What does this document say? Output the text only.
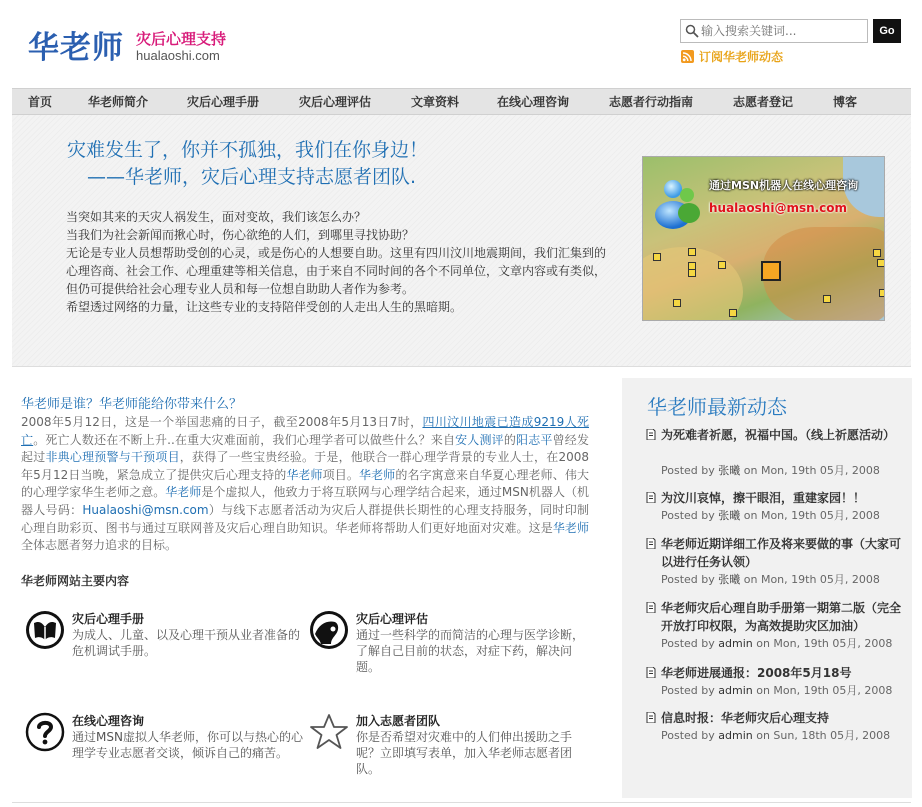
华老师 灾后心理支持
hualaoshi.com
输入搜索关键词...
Go
订阅华老师动态
首页	华老师简介	灾后心理手册	灾后心理评估	文章资料	在线心理咨询	志愿者行动指南	志愿者登记	博客
灾难发生了，你并不孤独，我们在你身边！
——华老师，灾后心理支持志愿者团队.

当突如其来的天灾人祸发生，面对变故，我们该怎么办？

当我们为社会新闻而揪心时，伤心欲绝的人们，到哪里寻找协助？

无论是专业人员想帮助受创的心灵，或是伤心的人想要自助。这里有四川汶川地震期间，我们汇集到的心理咨商、社会工作、心理重建等相关信息，由于来自不同时间的各个不同单位，文章内容或有类似，但仍可提供给社会心理专业人员和每一位想自助助人者作为参考。

希望透过网络的力量，让这些专业的支持陪伴受创的人走出人生的黑暗期。

通过MSN机器人在线心理咨询
hualaoshi@msn.com
华老师是谁？华老师能给你带来什么？
2008年5月12日，这是一个举国悲痛的日子，截至2008年5月13日7时，四川汶川地震已造成9219人死亡。死亡人数还在不断上升..在重大灾难面前，我们心理学者可以做些什么？来自安人测评的阳志平曾经发起过非典心理预警与干预项目，获得了一些宝贵经验。于是，他联合一群心理学背景的专业人士，在2008年5月12日当晚，紧急成立了提供灾后心理支持的华老师项目。华老师的名字寓意来自华夏心理老师、伟大的心理学家华生老师之意。华老师是个虚拟人，他致力于将互联网与心理学结合起来，通过MSN机器人（机器人号码：Hualaoshi@msn.com）与线下志愿者活动为灾后人群提供长期性的心理支持服务，同时印制心理自助彩页、图书与通过互联网普及灾后心理自助知识。华老师将帮助人们更好地面对灾难。这是华老师全体志愿者努力追求的目标。
华老师网站主要内容
灾后心理手册
为成人、儿童、以及心理干预从业者准备的危机调试手册。
灾后心理评估
通过一些科学的而简洁的心理与医学诊断，了解自己目前的状态，对症下药，解决问题。
在线心理咨询
通过MSN虚拟人华老师，你可以与热心的心理学专业志愿者交谈，倾诉自己的痛苦。
加入志愿者团队
你是否希望对灾难中的人们伸出援助之手呢？立即填写表单，加入华老师志愿者团队。
华老师最新动态
为死难者祈愿，祝福中国。（线上祈愿活动）
Posted by 张曦 on Mon, 19th 05月, 2008
为汶川哀悼，擦干眼泪，重建家园！！
Posted by 张曦 on Mon, 19th 05月, 2008
华老师近期详细工作及将来要做的事（大家可以进行任务认领）
Posted by 张曦 on Mon, 19th 05月, 2008
华老师灾后心理自助手册第一期第二版（完全开放打印权限，为高效提助灾区加油）
Posted by admin on Mon, 19th 05月, 2008
华老师进展通报：2008年5月18号
Posted by admin on Mon, 19th 05月, 2008
信息时报：华老师灾后心理支持
Posted by admin on Sun, 18th 05月, 2008
